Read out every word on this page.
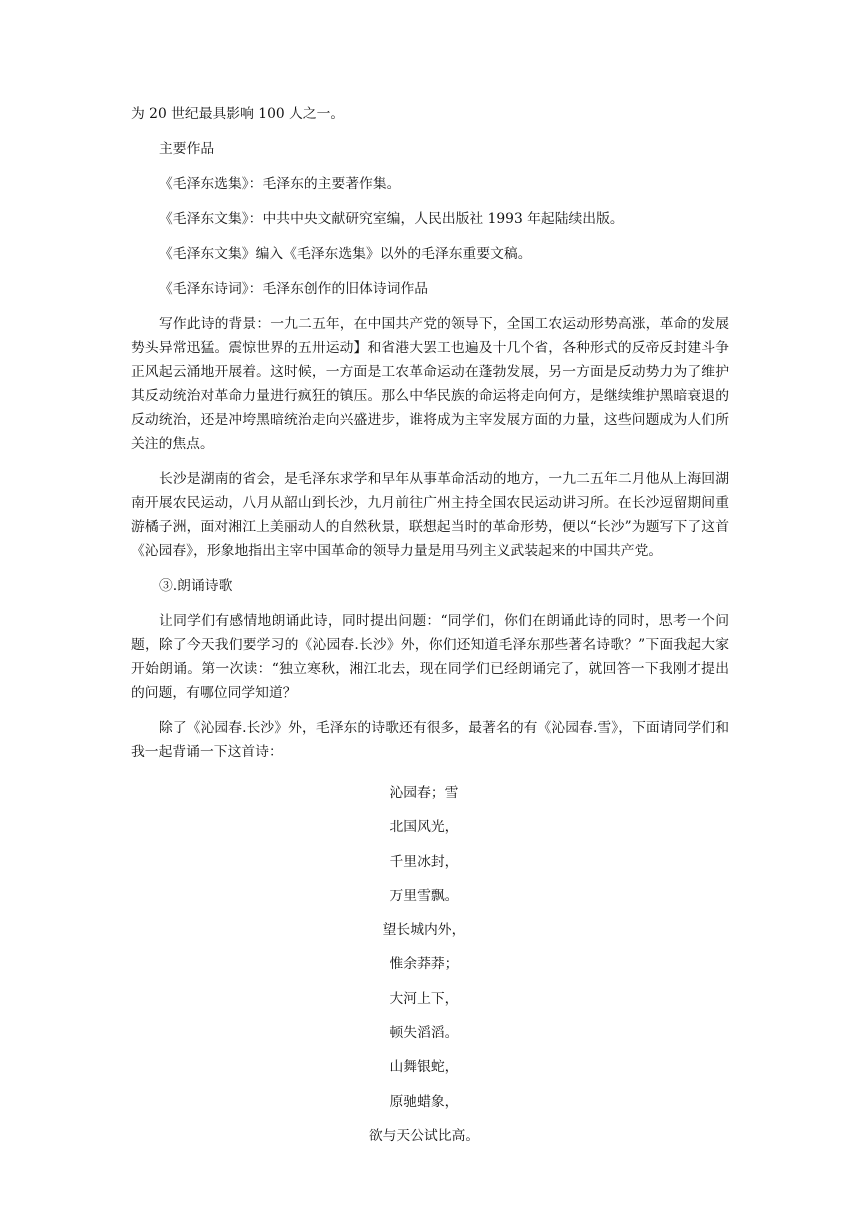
为 20 世纪最具影响 100 人之一。

主要作品

《毛泽东选集》：毛泽东的主要著作集。

《毛泽东文集》：中共中央文献研究室编，人民出版社 1993 年起陆续出版。

《毛泽东文集》编入《毛泽东选集》以外的毛泽东重要文稿。

《毛泽东诗词》：毛泽东创作的旧体诗词作品

写作此诗的背景：一九二五年，在中国共产党的领导下，全国工农运动形势高涨，革命的发展势头异常迅猛。震惊世界的五卅运动】和省港大罢工也遍及十几个省，各种形式的反帝反封建斗争正风起云涌地开展着。这时候，一方面是工农革命运动在蓬勃发展，另一方面是反动势力为了维护其反动统治对革命力量进行疯狂的镇压。那么中华民族的命运将走向何方，是继续维护黑暗衰退的反动统治，还是冲垮黑暗统治走向兴盛进步，谁将成为主宰发展方面的力量，这些问题成为人们所关注的焦点。

长沙是湖南的省会，是毛泽东求学和早年从事革命活动的地方，一九二五年二月他从上海回湖南开展农民运动，八月从韶山到长沙，九月前往广州主持全国农民运动讲习所。在长沙逗留期间重游橘子洲，面对湘江上美丽动人的自然秋景，联想起当时的革命形势，便以“长沙”为题写下了这首《沁园春》，形象地指出主宰中国革命的领导力量是用马列主义武装起来的中国共产党。

③.朗诵诗歌

让同学们有感情地朗诵此诗，同时提出问题：“同学们，你们在朗诵此诗的同时，思考一个问题，除了今天我们要学习的《沁园春.长沙》外，你们还知道毛泽东那些著名诗歌？”下面我起大家开始朗诵。第一次读：“独立寒秋，湘江北去，现在同学们已经朗诵完了，就回答一下我刚才提出的问题，有哪位同学知道？

除了《沁园春.长沙》外，毛泽东的诗歌还有很多，最著名的有《沁园春.雪》，下面请同学们和我一起背诵一下这首诗：

沁园春；雪

北国风光，

千里冰封，

万里雪飘。

望长城内外，

惟余莽莽；

大河上下，

顿失滔滔。

山舞银蛇，

原驰蜡象，

欲与天公试比高。
